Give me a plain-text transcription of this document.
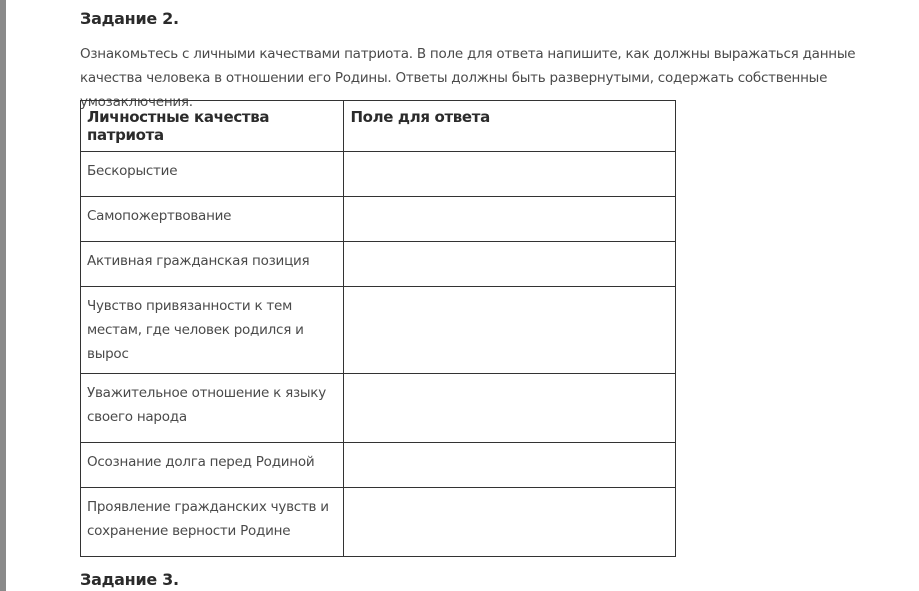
Задание 2.

Ознакомьтесь с личными качествами патриота. В поле для ответа напишите, как должны выражаться данные качества человека в отношении его Родины. Ответы должны быть развернутыми, содержать собственные умозаключения.

Личностные качества патриота	Поле для ответа
Бескорыстие	
Самопожертвование	
Активная гражданская позиция	
Чувство привязанности к тем местам, где человек родился и вырос	
Уважительное отношение к языку своего народа	
Осознание долга перед Родиной	
Проявление гражданских чувств и сохранение верности Родине	
Задание 3.
